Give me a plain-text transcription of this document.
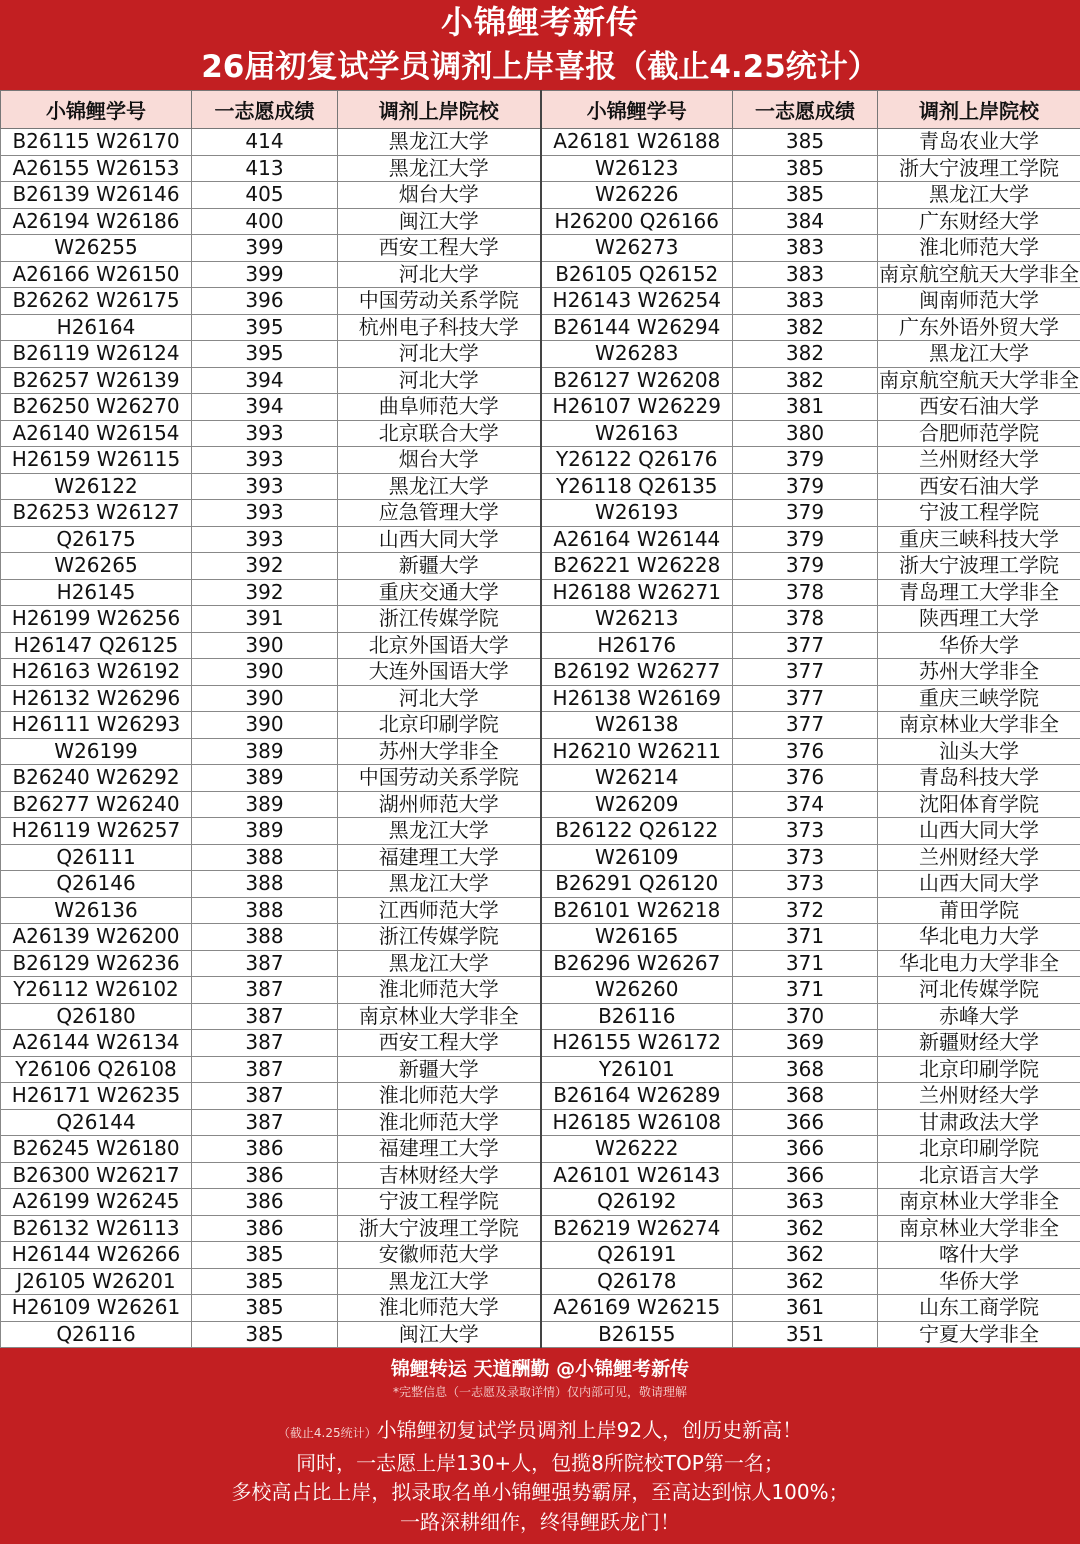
小锦鲤考新传
26届初复试学员调剂上岸喜报（截止4.25统计）
小锦鲤学号	一志愿成绩	调剂上岸院校	小锦鲤学号	一志愿成绩	调剂上岸院校
B26115 W26170	414	黑龙江大学	A26181 W26188	385	青岛农业大学
A26155 W26153	413	黑龙江大学	W26123	385	浙大宁波理工学院
B26139 W26146	405	烟台大学	W26226	385	黑龙江大学
A26194 W26186	400	闽江大学	H26200 Q26166	384	广东财经大学
W26255	399	西安工程大学	W26273	383	淮北师范大学
A26166 W26150	399	河北大学	B26105 Q26152	383	南京航空航天大学非全
B26262 W26175	396	中国劳动关系学院	H26143 W26254	383	闽南师范大学
H26164	395	杭州电子科技大学	B26144 W26294	382	广东外语外贸大学
B26119 W26124	395	河北大学	W26283	382	黑龙江大学
B26257 W26139	394	河北大学	B26127 W26208	382	南京航空航天大学非全
B26250 W26270	394	曲阜师范大学	H26107 W26229	381	西安石油大学
A26140 W26154	393	北京联合大学	W26163	380	合肥师范学院
H26159 W26115	393	烟台大学	Y26122 Q26176	379	兰州财经大学
W26122	393	黑龙江大学	Y26118 Q26135	379	西安石油大学
B26253 W26127	393	应急管理大学	W26193	379	宁波工程学院
Q26175	393	山西大同大学	A26164 W26144	379	重庆三峡科技大学
W26265	392	新疆大学	B26221 W26228	379	浙大宁波理工学院
H26145	392	重庆交通大学	H26188 W26271	378	青岛理工大学非全
H26199 W26256	391	浙江传媒学院	W26213	378	陕西理工大学
H26147 Q26125	390	北京外国语大学	H26176	377	华侨大学
H26163 W26192	390	大连外国语大学	B26192 W26277	377	苏州大学非全
H26132 W26296	390	河北大学	H26138 W26169	377	重庆三峡学院
H26111 W26293	390	北京印刷学院	W26138	377	南京林业大学非全
W26199	389	苏州大学非全	H26210 W26211	376	汕头大学
B26240 W26292	389	中国劳动关系学院	W26214	376	青岛科技大学
B26277 W26240	389	湖州师范大学	W26209	374	沈阳体育学院
H26119 W26257	389	黑龙江大学	B26122 Q26122	373	山西大同大学
Q26111	388	福建理工大学	W26109	373	兰州财经大学
Q26146	388	黑龙江大学	B26291 Q26120	373	山西大同大学
W26136	388	江西师范大学	B26101 W26218	372	莆田学院
A26139 W26200	388	浙江传媒学院	W26165	371	华北电力大学
B26129 W26236	387	黑龙江大学	B26296 W26267	371	华北电力大学非全
Y26112 W26102	387	淮北师范大学	W26260	371	河北传媒学院
Q26180	387	南京林业大学非全	B26116	370	赤峰大学
A26144 W26134	387	西安工程大学	H26155 W26172	369	新疆财经大学
Y26106 Q26108	387	新疆大学	Y26101	368	北京印刷学院
H26171 W26235	387	淮北师范大学	B26164 W26289	368	兰州财经大学
Q26144	387	淮北师范大学	H26185 W26108	366	甘肃政法大学
B26245 W26180	386	福建理工大学	W26222	366	北京印刷学院
B26300 W26217	386	吉林财经大学	A26101 W26143	366	北京语言大学
A26199 W26245	386	宁波工程学院	Q26192	363	南京林业大学非全
B26132 W26113	386	浙大宁波理工学院	B26219 W26274	362	南京林业大学非全
H26144 W26266	385	安徽师范大学	Q26191	362	喀什大学
J26105 W26201	385	黑龙江大学	Q26178	362	华侨大学
H26109 W26261	385	淮北师范大学	A26169 W26215	361	山东工商学院
Q26116	385	闽江大学	B26155	351	宁夏大学非全
锦鲤转运 天道酬勤 @小锦鲤考新传
*完整信息（一志愿及录取详情）仅内部可见，敬请理解
（截止4.25统计）小锦鲤初复试学员调剂上岸92人，创历史新高！
同时，一志愿上岸130+人，包揽8所院校TOP第一名；
多校高占比上岸，拟录取名单小锦鲤强势霸屏，至高达到惊人100%；
一路深耕细作，终得鲤跃龙门！
